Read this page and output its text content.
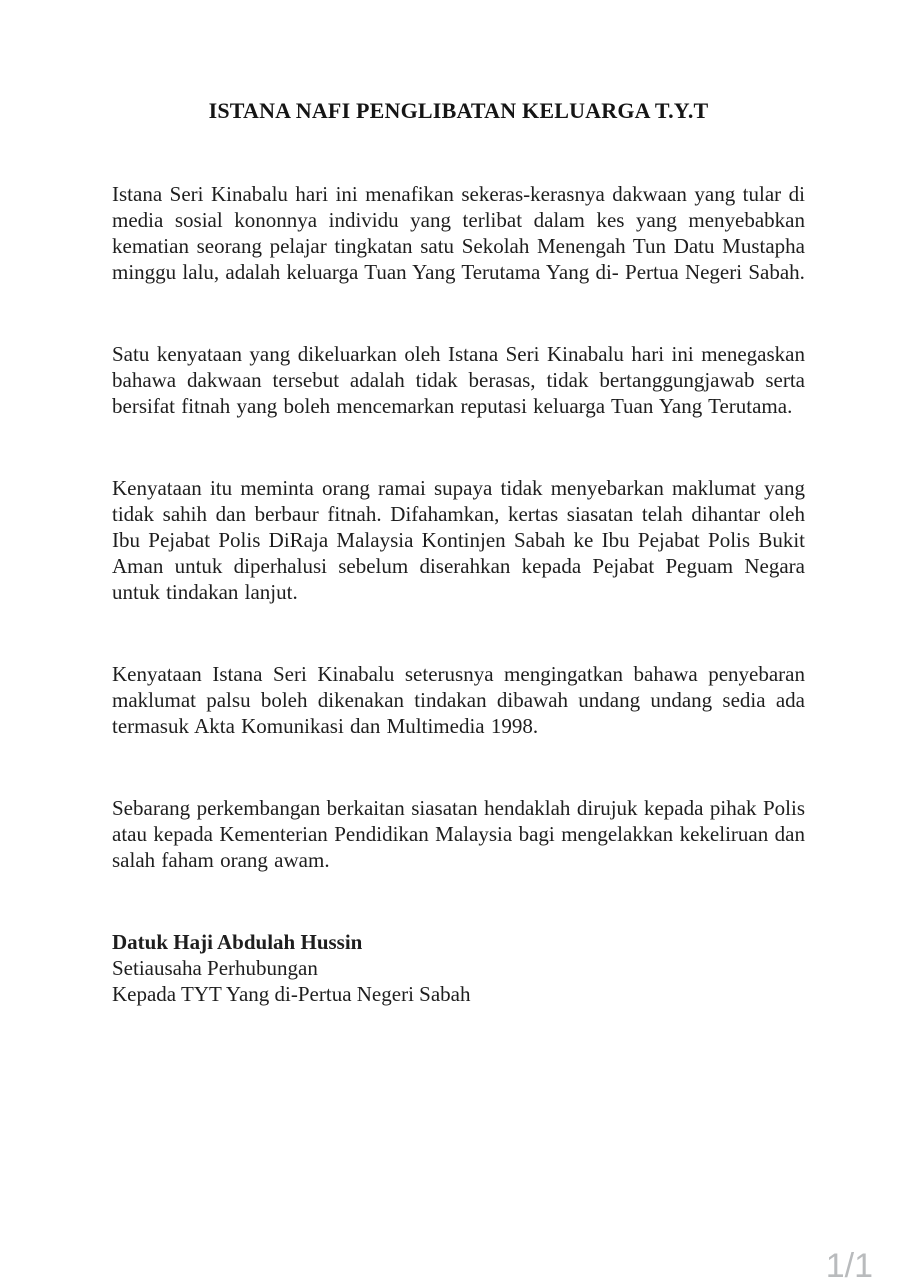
ISTANA NAFI PENGLIBATAN KELUARGA T.Y.T

Istana Seri Kinabalu hari ini menafikan sekeras-kerasnya dakwaan yang tular di media sosial kononnya individu yang terlibat dalam kes yang menyebabkan kematian seorang pelajar tingkatan satu Sekolah Menengah Tun Datu Mustapha minggu lalu, adalah keluarga Tuan Yang Terutama Yang di- Pertua Negeri Sabah.

Satu kenyataan yang dikeluarkan oleh Istana Seri Kinabalu hari ini menegaskan bahawa dakwaan tersebut adalah tidak berasas, tidak bertanggungjawab serta bersifat fitnah yang boleh mencemarkan reputasi keluarga Tuan Yang Terutama.

Kenyataan itu meminta orang ramai supaya tidak menyebarkan maklumat yang tidak sahih dan berbaur fitnah. Difahamkan, kertas siasatan telah dihantar oleh Ibu Pejabat Polis DiRaja Malaysia Kontinjen Sabah ke Ibu Pejabat Polis Bukit Aman untuk diperhalusi sebelum diserahkan kepada Pejabat Peguam Negara untuk tindakan lanjut.

Kenyataan Istana Seri Kinabalu seterusnya mengingatkan bahawa penyebaran maklumat palsu boleh dikenakan tindakan dibawah undang undang sedia ada termasuk Akta Komunikasi dan Multimedia 1998.

Sebarang perkembangan berkaitan siasatan hendaklah dirujuk kepada pihak Polis atau kepada Kementerian Pendidikan Malaysia bagi mengelakkan kekeliruan dan salah faham orang awam.

Datuk Haji Abdulah Hussin

Setiausaha Perhubungan

Kepada TYT Yang di-Pertua Negeri Sabah

1/1
